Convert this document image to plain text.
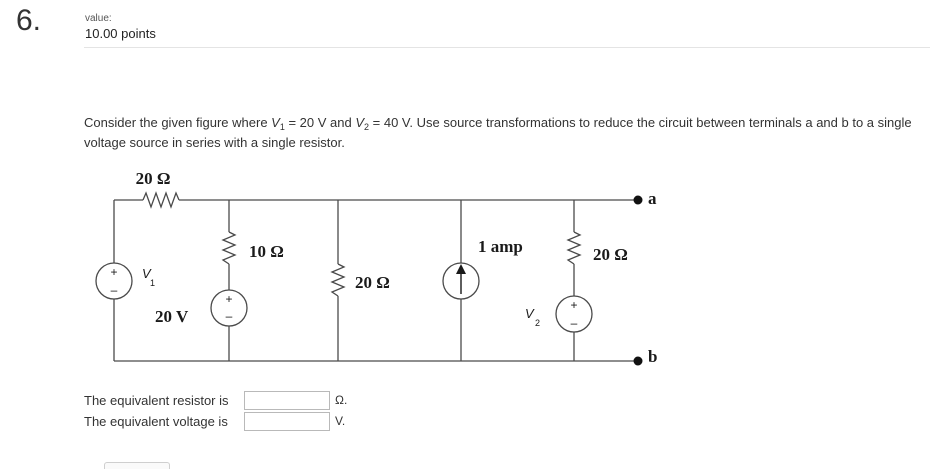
6.	value:
10.00 points
Consider the given figure where $V_1 = 20$ V and $V_2 = 40$ V. Use source transformations to reduce the circuit between terminals a and b to a single voltage source in series with a single resistor.
+
–
+
–
+
–
20 Ω
10 Ω
20 V
20 Ω
1 amp	20 Ω
a
b
V
1
V
2
The equivalent resistor is	Ω.
The equivalent voltage is	V.
